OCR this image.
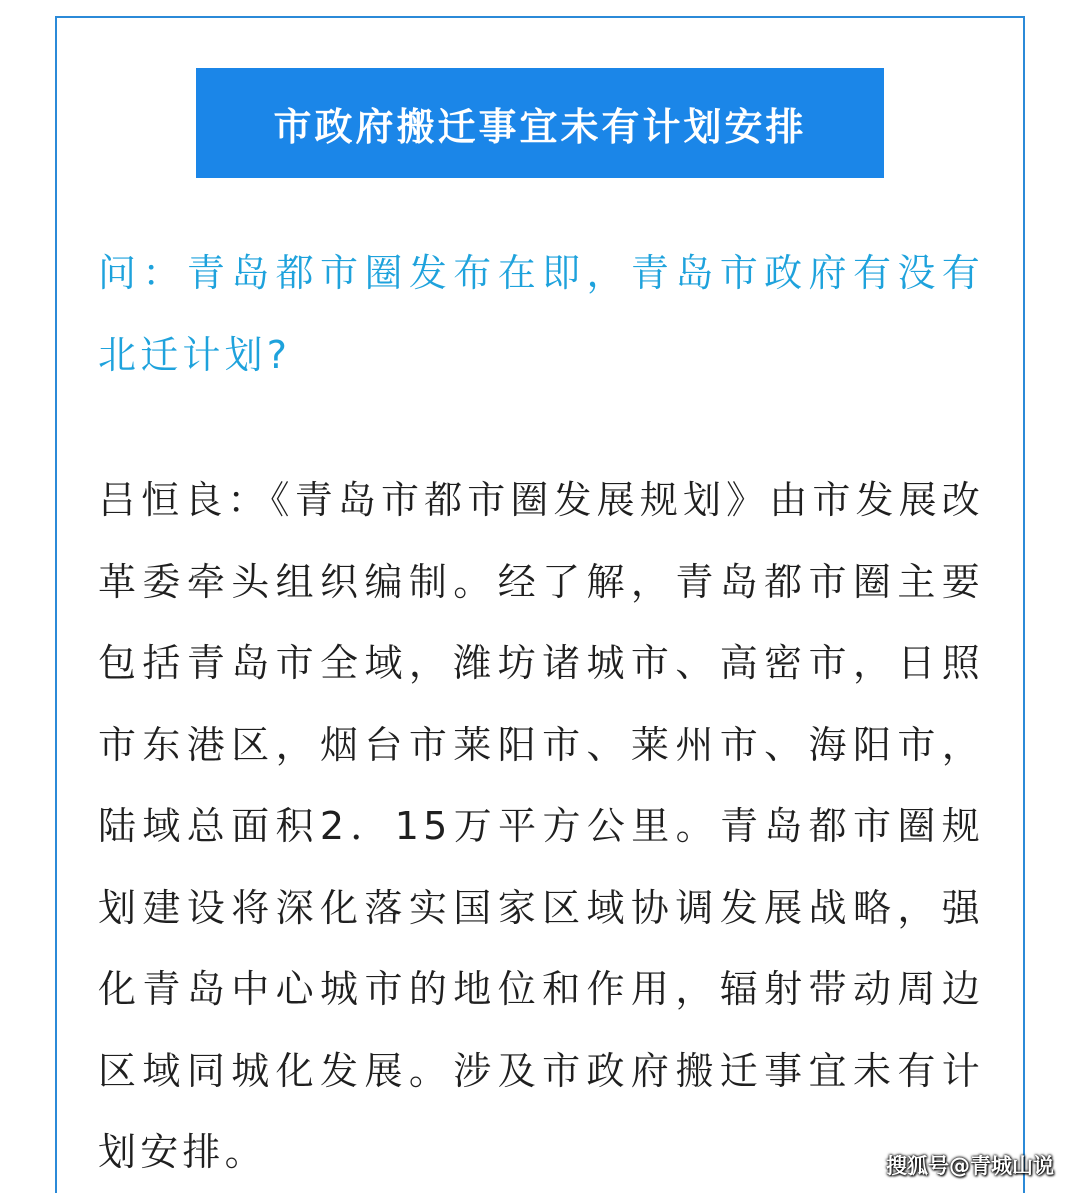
市政府搬迁事宜未有计划安排
问：青岛都市圈发布在即，青岛市政府有没有北迁计划?
吕恒良：《青岛市都市圈发展规划》由市发展改革委牵头组织编制。经了解，青岛都市圈主要包括青岛市全域，潍坊诸城市、高密市，日照市东港区，烟台市莱阳市、莱州市、海阳市，陆域总面积2．15万平方公里。青岛都市圈规划建设将深化落实国家区域协调发展战略，强化青岛中心城市的地位和作用，辐射带动周边区域同城化发展。涉及市政府搬迁事宜未有计划安排。	搜狐号@青城山说
